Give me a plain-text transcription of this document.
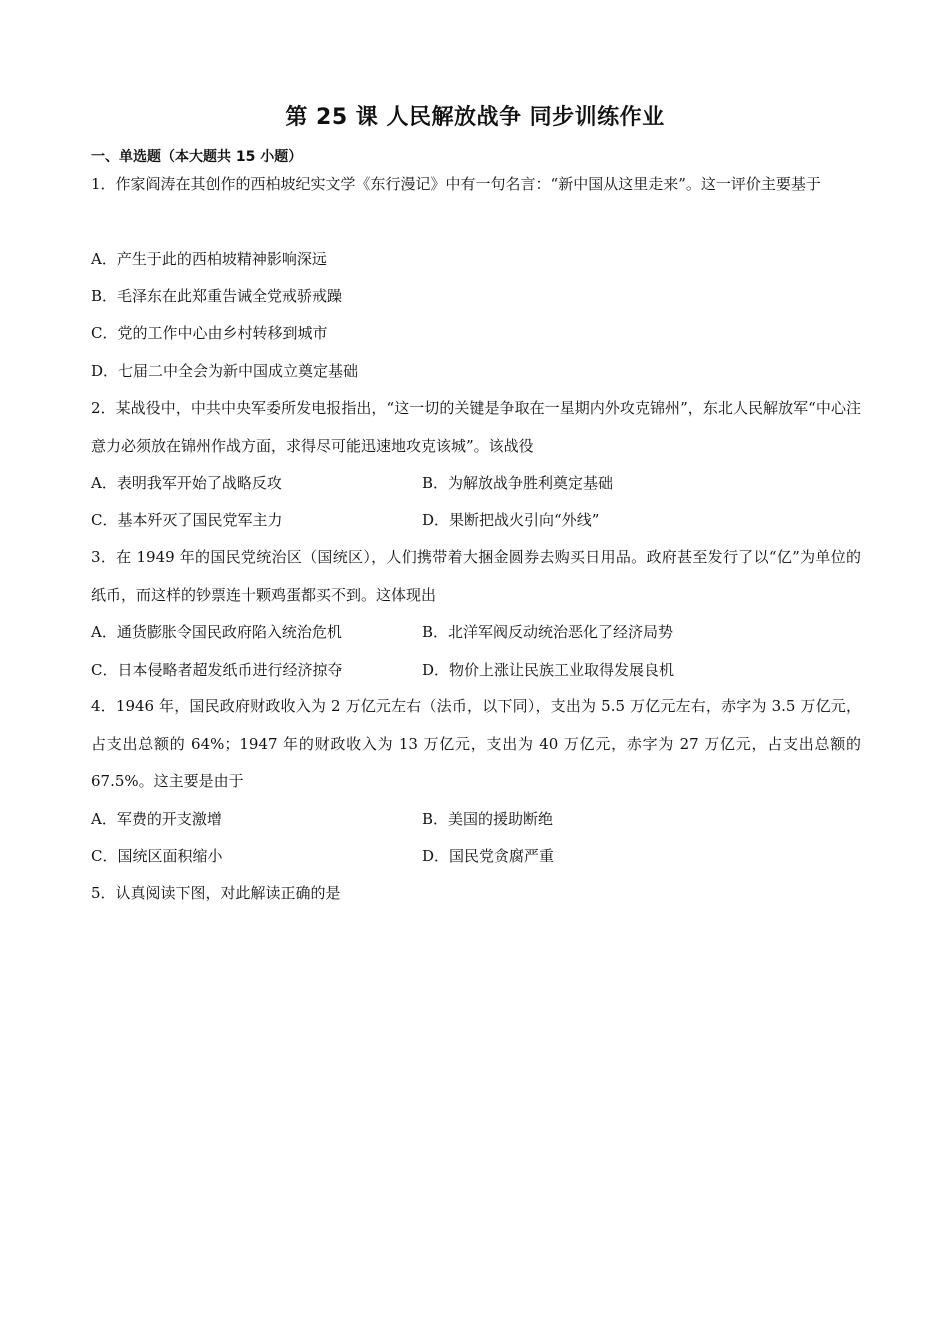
第 25 课 人民解放战争 同步训练作业
一、单选题（本大题共 15 小题）
1．作家阎涛在其创作的西柏坡纪实文学《东行漫记》中有一句名言：“新中国从这里走来”。这一评价主要基于
A．产生于此的西柏坡精神影响深远
B．毛泽东在此郑重告诫全党戒骄戒躁
C．党的工作中心由乡村转移到城市
D．七届二中全会为新中国成立奠定基础
2．某战役中，中共中央军委所发电报指出，“这一切的关键是争取在一星期内外攻克锦州”，东北人民解放军“中心注意力必须放在锦州作战方面，求得尽可能迅速地攻克该城”。该战役
A．表明我军开始了战略反攻	B．为解放战争胜利奠定基础
C．基本歼灭了国民党军主力	D．果断把战火引向“外线”
3．在 1949 年的国民党统治区（国统区），人们携带着大捆金圆券去购买日用品。政府甚至发行了以“亿”为单位的纸币，而这样的钞票连十颗鸡蛋都买不到。这体现出
A．通货膨胀令国民政府陷入统治危机	B．北洋军阀反动统治恶化了经济局势
C．日本侵略者超发纸币进行经济掠夺	D．物价上涨让民族工业取得发展良机
4．1946 年，国民政府财政收入为 2 万亿元左右（法币，以下同），支出为 5.5 万亿元左右，赤字为 3.5 万亿元，占支出总额的 64%；1947 年的财政收入为 13 万亿元，支出为 40 万亿元，赤字为 27 万亿元，占支出总额的 67.5%。这主要是由于
A．军费的开支激增	B．美国的援助断绝
C．国统区面积缩小	D．国民党贪腐严重
5．认真阅读下图，对此解读正确的是
